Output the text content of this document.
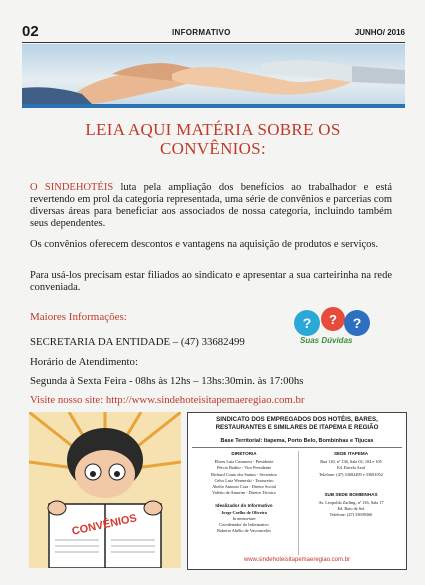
02	INFORMATIVO	JUNHO/ 2016
LEIA AQUI MATÉRIA SOBRE OS
CONVÊNIOS:
O SINDEHOTÉIS luta pela ampliação dos benefícios ao trabalhador e está revertendo em prol da categoria representada, uma série de convênios e parcerias com diversas áreas para beneficiar aos associados de nossa categoria, incluindo também seus dependentes.
Os convênios oferecem descontos e vantagens na aquisição de produtos e serviços.
Para usá-los precisam estar filiados ao sindicato e apresentar a sua carteirinha na rede conveniada.
Maiores Informações:	? ? ?
Suas Dúvidas
SECRETARIA DA ENTIDADE – (47) 33682499
Horário de Atendimento:
Segunda à Sexta Feira - 08hs às 12hs – 13hs:30min. às 17:00hs
Visite nosso site: http://www.sindehoteisitapemaeregiao.com.br
CONVÊNIOS
SINDICATO DOS EMPREGADOS DOS HOTÉIS, BARES, RESTAURANTES E SIMILARES DE ITAPEMA E REGIÃO
Base Territorial: Itapema, Porto Belo, Bombinhas e Tijucas
DIRETORIA
Eliseu Luiz Casanova - Presidente
Fércio Bodito - Vice Presidente
Richard Couto dos Santos - Secretário
Celso Luiz Wernerski - Tesoureiro
Abelio Antonio Cota - Diretor Social
Valério de Amorim - Diretor Técnico
Idealizador do Informativo
Jorge Coelho de Oliveira
In memoriam
Coordenador do Informativo
Roberto Abélio de Vasconcelos
SEDE ITAPEMA
Rua 120, nº 136, Sala 02, 104 e 105
Ed. Estrela Azul
Telefone: (47) 33682499 e 33681052
SUB SEDE BOMBINHAS
Av. Leopoldo Zarling, nº 136, Sala 17
Ed. Raio de Sol
Telefone: (47) 33690366
www.sindehoteisitapemaeregiao.com.br
